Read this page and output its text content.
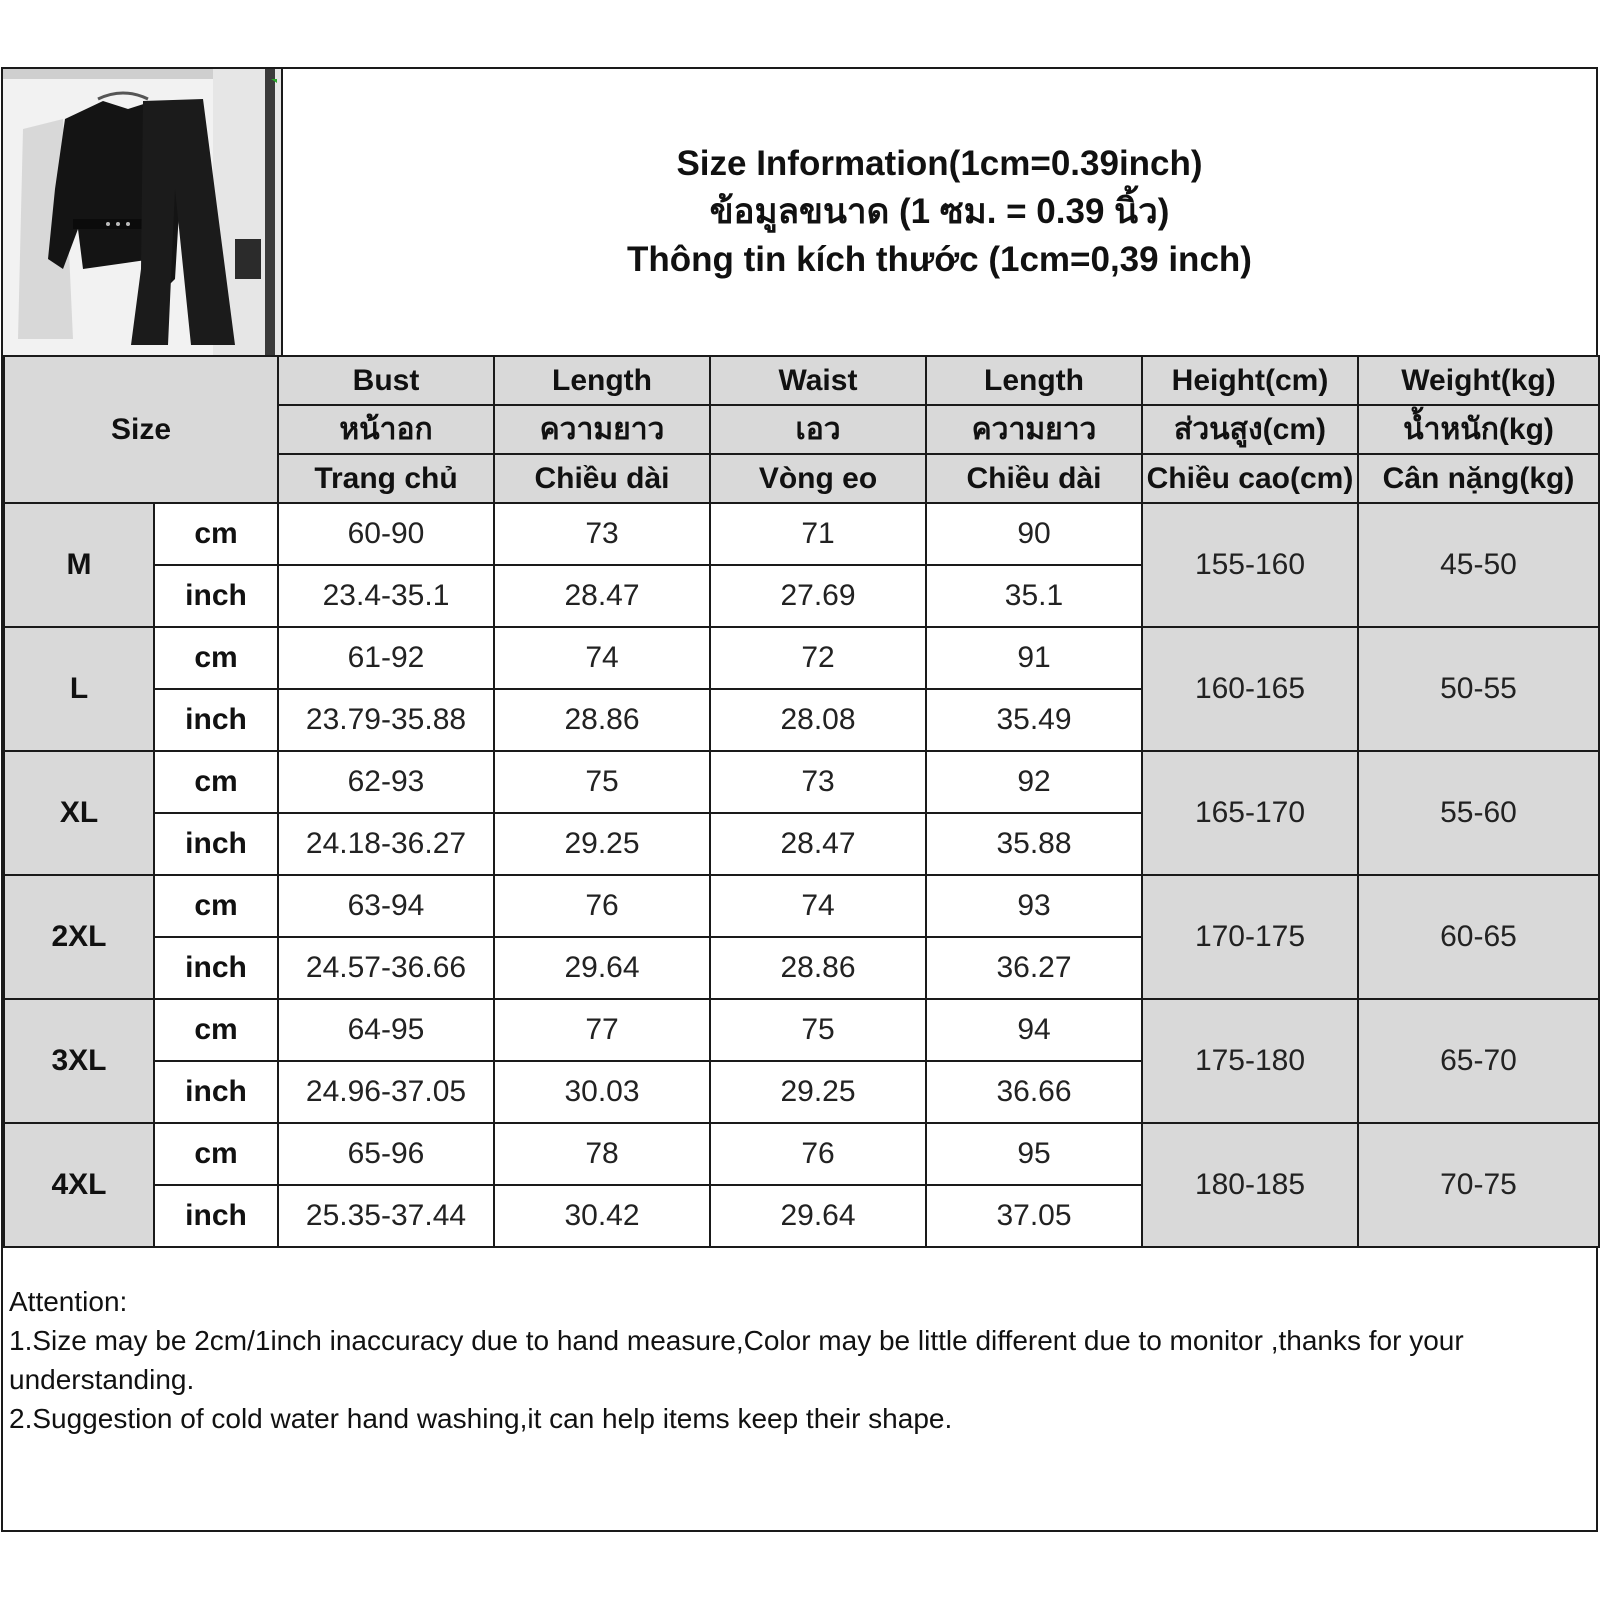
Size Information(1cm=0.39inch)
ข้อมูลขนาด (1 ซม. = 0.39 นิ้ว)
Thông tin kích thước (1cm=0,39 inch)
Size		Bust	Length	Waist	Length	Height(cm)	Weight(kg)
		หน้าอก	ความยาว	เอว	ความยาว	ส่วนสูง(cm)	น้ำหนัก(kg)
		Trang chủ	Chiều dài	Vòng eo	Chiều dài	Chiều cao(cm)	Cân nặng(kg)
M	cm	60-90	73	71	90	155-160	45-50
	inch	23.4-35.1	28.47	27.69	35.1		
L	cm	61-92	74	72	91	160-165	50-55
	inch	23.79-35.88	28.86	28.08	35.49		
XL	cm	62-93	75	73	92	165-170	55-60
	inch	24.18-36.27	29.25	28.47	35.88		
2XL	cm	63-94	76	74	93	170-175	60-65
	inch	24.57-36.66	29.64	28.86	36.27		
3XL	cm	64-95	77	75	94	175-180	65-70
	inch	24.96-37.05	30.03	29.25	36.66		
4XL	cm	65-96	78	76	95	180-185	70-75
	inch	25.35-37.44	30.42	29.64	37.05		
Attention:
1.Size may be 2cm/1inch inaccuracy due to hand measure,Color may be little different due to monitor ,thanks for your understanding.
2.Suggestion of cold water hand washing,it can help items keep their shape.
